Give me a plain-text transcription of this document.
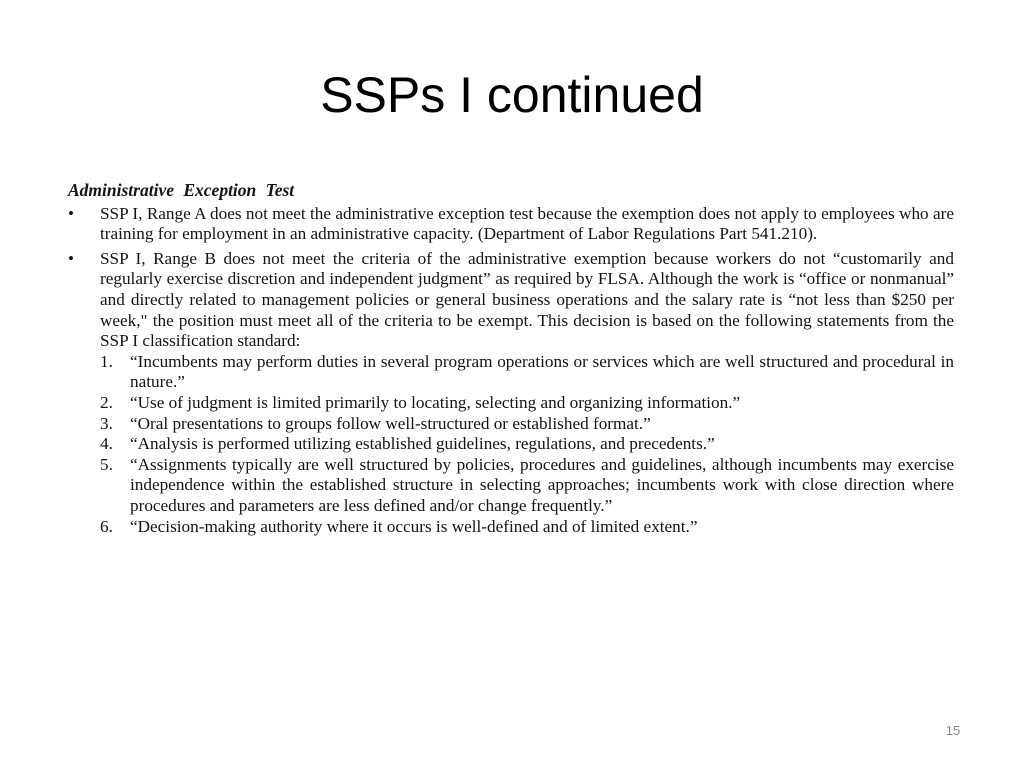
SSPs I continued
Administrative Exception Test
•	SSP I, Range A does not meet the administrative exception test because the exemption does not apply to employees who are training for employment in an administrative capacity. (Department of Labor Regulations Part 541.210).
•	SSP I, Range B does not meet the criteria of the administrative exemption because workers do not “customarily and regularly exercise discretion and independent judgment” as required by FLSA. Although the work is “office or nonmanual” and directly related to management policies or general business operations and the salary rate is “not less than $250 per week," the position must meet all of the criteria to be exempt. This decision is based on the following statements from the SSP I classification standard:
1. “Incumbents may perform duties in several program operations or services which are well structured and procedural in nature.”
2. “Use of judgment is limited primarily to locating, selecting and organizing information.”
3. “Oral presentations to groups follow well-structured or established format.”
4. “Analysis is performed utilizing established guidelines, regulations, and precedents.”
5. “Assignments typically are well structured by policies, procedures and guidelines, although incumbents may exercise independence within the established structure in selecting approaches; incumbents work with close direction where procedures and parameters are less defined and/or change frequently.”
6. “Decision-making authority where it occurs is well-defined and of limited extent.”
15
